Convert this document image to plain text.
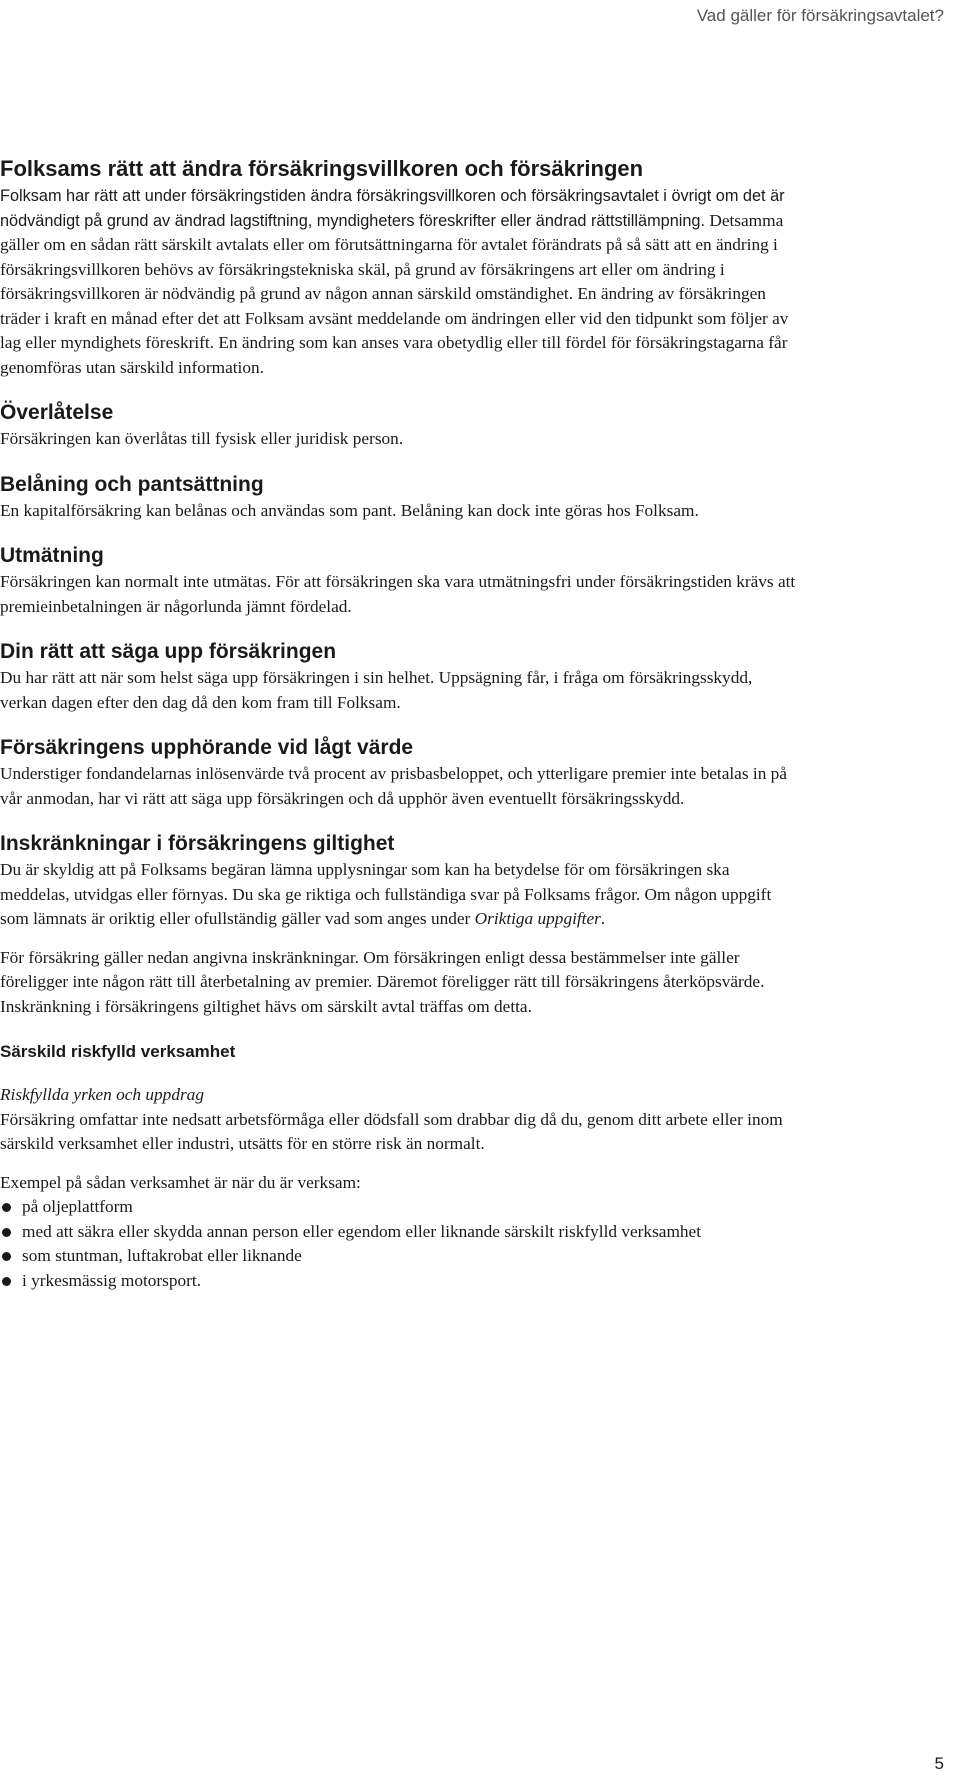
Vad gäller för försäkringsavtalet?
Folksams rätt att ändra försäkringsvillkoren och försäkringen

Folksam har rätt att under försäkringstiden ändra försäkringsvillkoren och försäkringsavtalet i övrigt om det är nödvändigt på grund av ändrad lagstiftning, myndigheters föreskrifter eller ändrad rättstillämpning. Detsamma gäller om en sådan rätt särskilt avtalats eller om förutsättningarna för avtalet förändrats på så sätt att en ändring i försäkringsvillkoren behövs av försäkringstekniska skäl, på grund av försäkringens art eller om ändring i försäkringsvillkoren är nödvändig på grund av någon annan särskild omständighet. En ändring av försäkringen träder i kraft en månad efter det att Folksam avsänt meddelande om ändringen eller vid den tidpunkt som följer av lag eller myndighets föreskrift. En ändring som kan anses vara obetydlig eller till fördel för försäkringstagarna får genomföras utan särskild information.

Överlåtelse

Försäkringen kan överlåtas till fysisk eller juridisk person.

Belåning och pantsättning

En kapitalförsäkring kan belånas och användas som pant. Belåning kan dock inte göras hos Folksam.

Utmätning

Försäkringen kan normalt inte utmätas. För att försäkringen ska vara utmätningsfri under försäkringstiden krävs att premieinbetalningen är någorlunda jämnt fördelad.

Din rätt att säga upp försäkringen

Du har rätt att när som helst säga upp försäkringen i sin helhet. Uppsägning får, i fråga om försäkringsskydd, verkan dagen efter den dag då den kom fram till Folksam.

Försäkringens upphörande vid lågt värde

Understiger fondandelarnas inlösenvärde två procent av prisbasbeloppet, och ytterligare premier inte betalas in på vår anmodan, har vi rätt att säga upp försäkringen och då upphör även eventuellt försäkringsskydd.

Inskränkningar i försäkringens giltighet

Du är skyldig att på Folksams begäran lämna upplysningar som kan ha betydelse för om försäkringen ska meddelas, utvidgas eller förnyas. Du ska ge riktiga och fullständiga svar på Folksams frågor. Om någon uppgift som lämnats är oriktig eller ofullständig gäller vad som anges under Oriktiga uppgifter.

För försäkring gäller nedan angivna inskränkningar. Om försäkringen enligt dessa bestämmelser inte gäller föreligger inte någon rätt till återbetalning av premier. Däremot föreligger rätt till försäkringens återköpsvärde. Inskränkning i försäkringens giltighet hävs om särskilt avtal träffas om detta.

Särskild riskfylld verksamhet

Riskfyllda yrken och uppdrag

Försäkring omfattar inte nedsatt arbetsförmåga eller dödsfall som drabbar dig då du, genom ditt arbete eller inom särskild verksamhet eller industri, utsätts för en större risk än normalt.

Exempel på sådan verksamhet är när du är verksam:

på oljeplattform
med att säkra eller skydda annan person eller egendom eller liknande särskilt riskfylld verksamhet
som stuntman, luftakrobat eller liknande
i yrkesmässig motorsport.
5
